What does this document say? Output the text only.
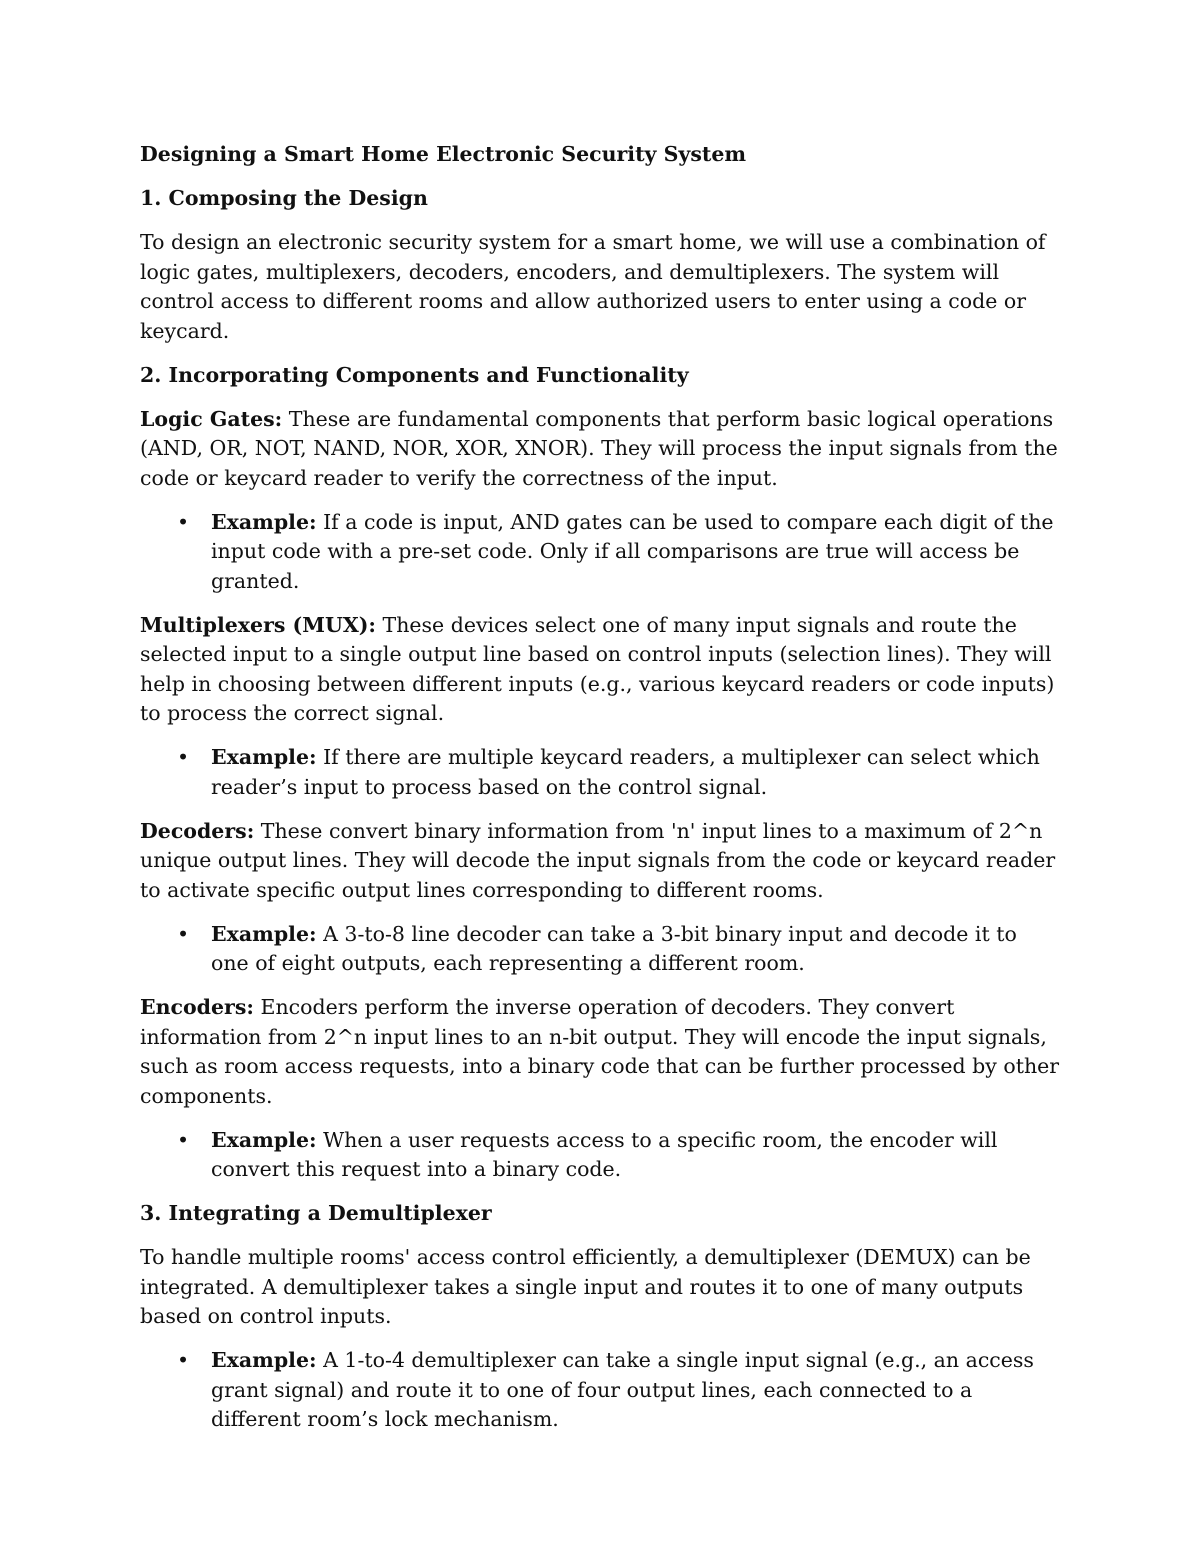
Designing a Smart Home Electronic Security System
1. Composing the Design
To design an electronic security system for a smart home, we will use a combination of logic gates, multiplexers, decoders, encoders, and demultiplexers. The system will control access to different rooms and allow authorized users to enter using a code or keycard.
2. Incorporating Components and Functionality
Logic Gates: These are fundamental components that perform basic logical operations (AND, OR, NOT, NAND, NOR, XOR, XNOR). They will process the input signals from the code or keycard reader to verify the correctness of the input.
• Example: If a code is input, AND gates can be used to compare each digit of the input code with a pre-set code. Only if all comparisons are true will access be granted.
Multiplexers (MUX): These devices select one of many input signals and route the selected input to a single output line based on control inputs (selection lines). They will help in choosing between different inputs (e.g., various keycard readers or code inputs) to process the correct signal.
• Example: If there are multiple keycard readers, a multiplexer can select which reader’s input to process based on the control signal.
Decoders: These convert binary information from 'n' input lines to a maximum of 2^n unique output lines. They will decode the input signals from the code or keycard reader to activate specific output lines corresponding to different rooms.
• Example: A 3-to-8 line decoder can take a 3-bit binary input and decode it to one of eight outputs, each representing a different room.
Encoders: Encoders perform the inverse operation of decoders. They convert information from 2^n input lines to an n-bit output. They will encode the input signals, such as room access requests, into a binary code that can be further processed by other components.
• Example: When a user requests access to a specific room, the encoder will convert this request into a binary code.
3. Integrating a Demultiplexer
To handle multiple rooms' access control efficiently, a demultiplexer (DEMUX) can be integrated. A demultiplexer takes a single input and routes it to one of many outputs based on control inputs.
• Example: A 1-to-4 demultiplexer can take a single input signal (e.g., an access grant signal) and route it to one of four output lines, each connected to a different room’s lock mechanism.
